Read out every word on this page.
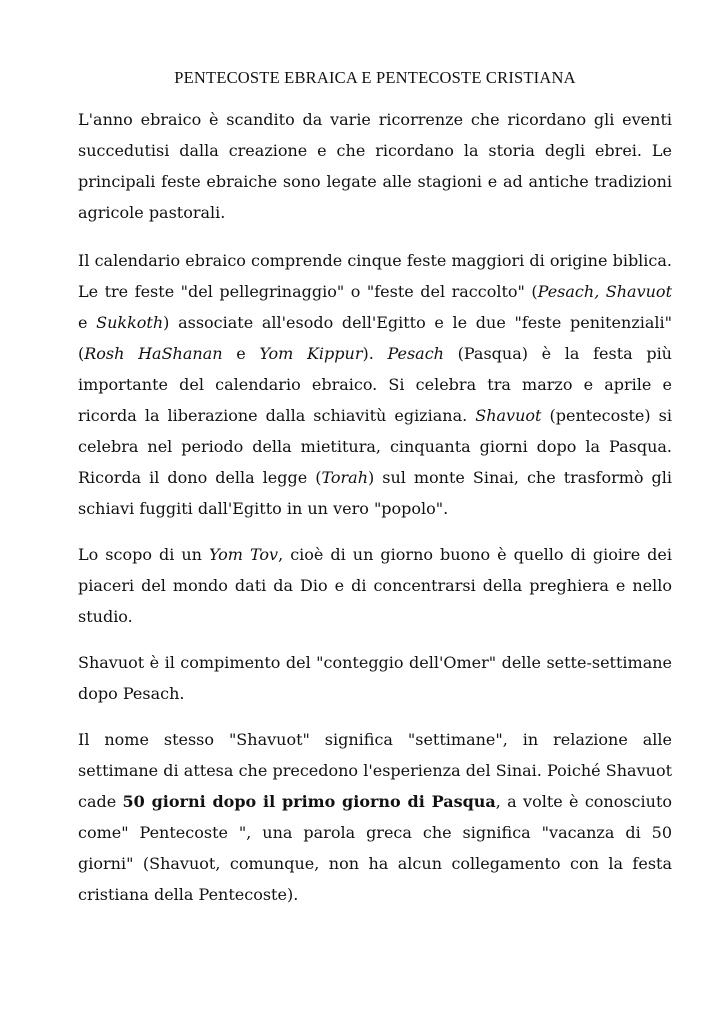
PENTECOSTE EBRAICA E PENTECOSTE CRISTIANA

L'anno ebraico è scandito da varie ricorrenze che ricordano gli eventi succedutisi dalla creazione e che ricordano la storia degli ebrei. Le principali feste ebraiche sono legate alle stagioni e ad antiche tradizioni agricole pastorali.

Il calendario ebraico comprende cinque feste maggiori di origine biblica. Le tre feste "del pellegrinaggio" o "feste del raccolto" (Pesach, Shavuot e Sukkoth) associate all'esodo dell'Egitto e le due "feste penitenziali" (Rosh HaShanan e Yom Kippur). Pesach (Pasqua) è la festa più importante del calendario ebraico. Si celebra tra marzo e aprile e ricorda la liberazione dalla schiavitù egiziana. Shavuot (pentecoste) si celebra nel periodo della mietitura, cinquanta giorni dopo la Pasqua. Ricorda il dono della legge (Torah) sul monte Sinai, che trasformò gli schiavi fuggiti dall'Egitto in un vero "popolo".

Lo scopo di un Yom Tov, cioè di un giorno buono è quello di gioire dei piaceri del mondo dati da Dio e di concentrarsi della preghiera e nello studio.

Shavuot è il compimento del "conteggio dell'Omer" delle sette-settimane dopo Pesach.

Il nome stesso "Shavuot" significa "settimane", in relazione alle settimane di attesa che precedono l'esperienza del Sinai. Poiché Shavuot cade 50 giorni dopo il primo giorno di Pasqua, a volte è conosciuto come" Pentecoste ", una parola greca che significa "vacanza di 50 giorni" (Shavuot, comunque, non ha alcun collegamento con la festa cristiana della Pentecoste).
